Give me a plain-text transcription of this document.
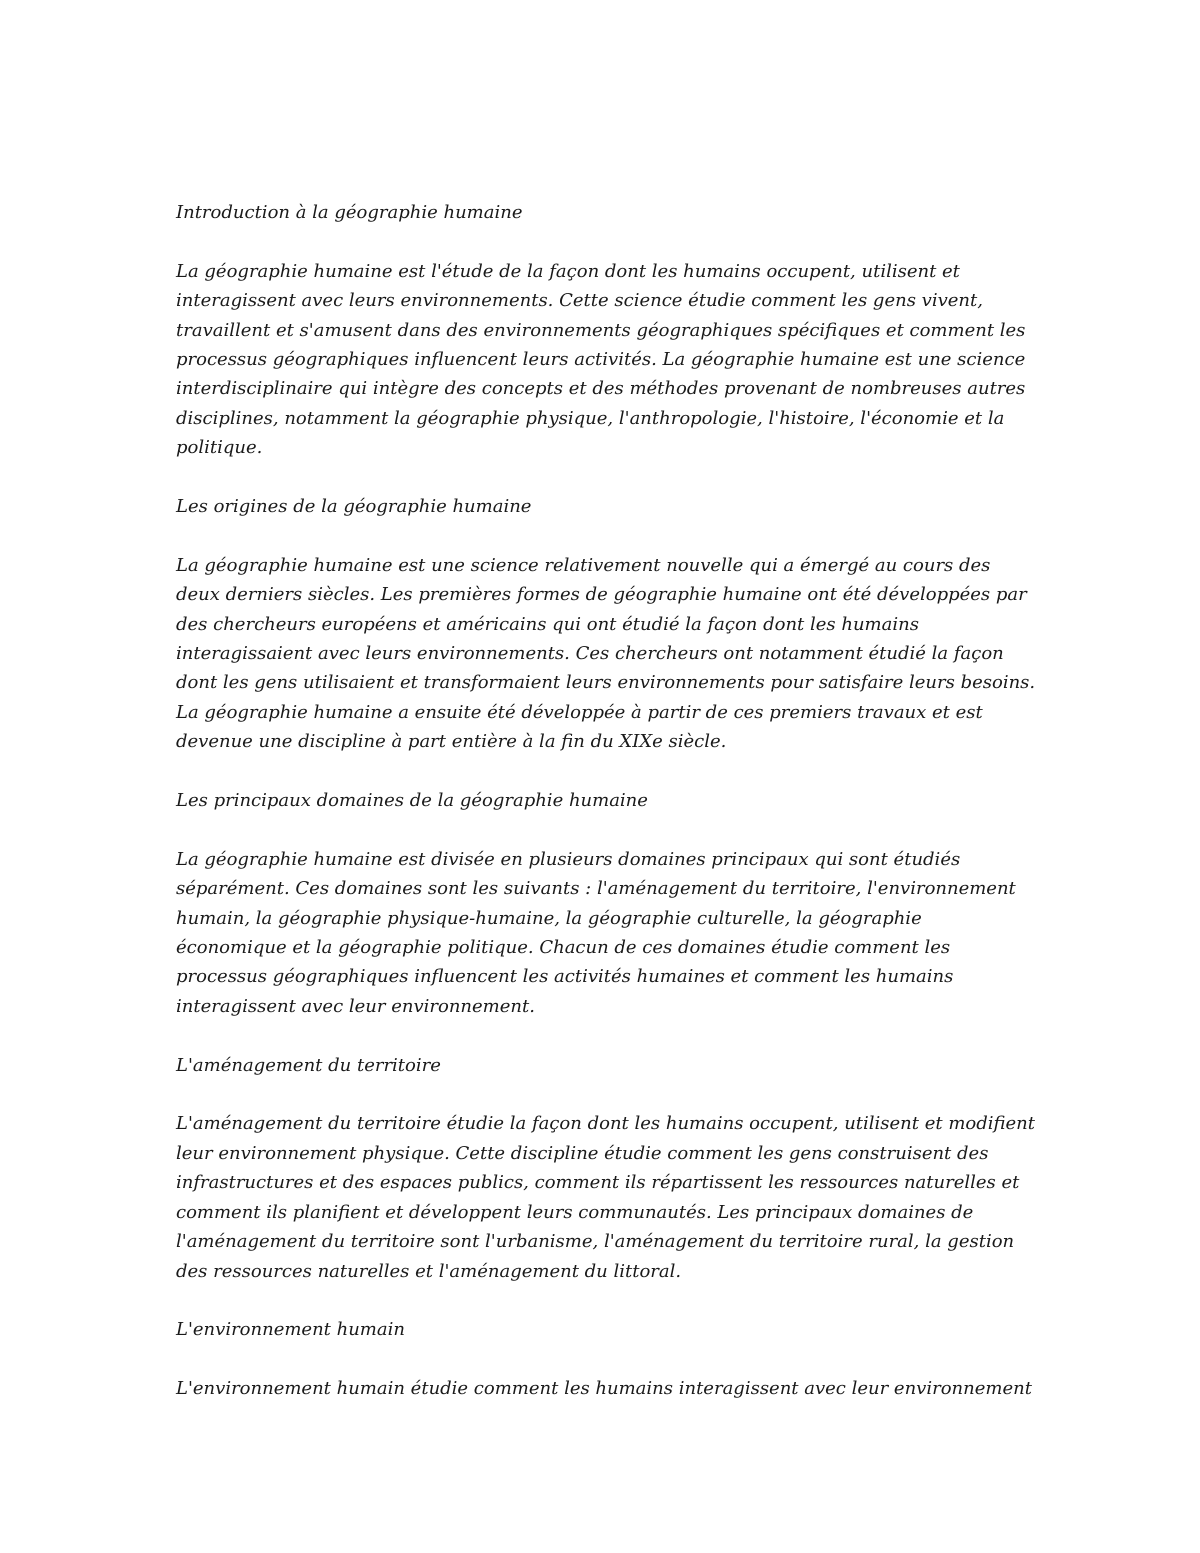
Introduction à la géographie humaine

La géographie humaine est l'étude de la façon dont les humains occupent, utilisent et interagissent avec leurs environnements. Cette science étudie comment les gens vivent, travaillent et s'amusent dans des environnements géographiques spécifiques et comment les processus géographiques influencent leurs activités. La géographie humaine est une science interdisciplinaire qui intègre des concepts et des méthodes provenant de nombreuses autres disciplines, notamment la géographie physique, l'anthropologie, l'histoire, l'économie et la politique.

Les origines de la géographie humaine

La géographie humaine est une science relativement nouvelle qui a émergé au cours des deux derniers siècles. Les premières formes de géographie humaine ont été développées par des chercheurs européens et américains qui ont étudié la façon dont les humains interagissaient avec leurs environnements. Ces chercheurs ont notamment étudié la façon dont les gens utilisaient et transformaient leurs environnements pour satisfaire leurs besoins. La géographie humaine a ensuite été développée à partir de ces premiers travaux et est devenue une discipline à part entière à la fin du XIXe siècle.

Les principaux domaines de la géographie humaine

La géographie humaine est divisée en plusieurs domaines principaux qui sont étudiés séparément. Ces domaines sont les suivants : l'aménagement du territoire, l'environnement humain, la géographie physique-humaine, la géographie culturelle, la géographie économique et la géographie politique. Chacun de ces domaines étudie comment les processus géographiques influencent les activités humaines et comment les humains interagissent avec leur environnement.

L'aménagement du territoire

L'aménagement du territoire étudie la façon dont les humains occupent, utilisent et modifient leur environnement physique. Cette discipline étudie comment les gens construisent des infrastructures et des espaces publics, comment ils répartissent les ressources naturelles et comment ils planifient et développent leurs communautés. Les principaux domaines de l'aménagement du territoire sont l'urbanisme, l'aménagement du territoire rural, la gestion des ressources naturelles et l'aménagement du littoral.

L'environnement humain

L'environnement humain étudie comment les humains interagissent avec leur environnement
